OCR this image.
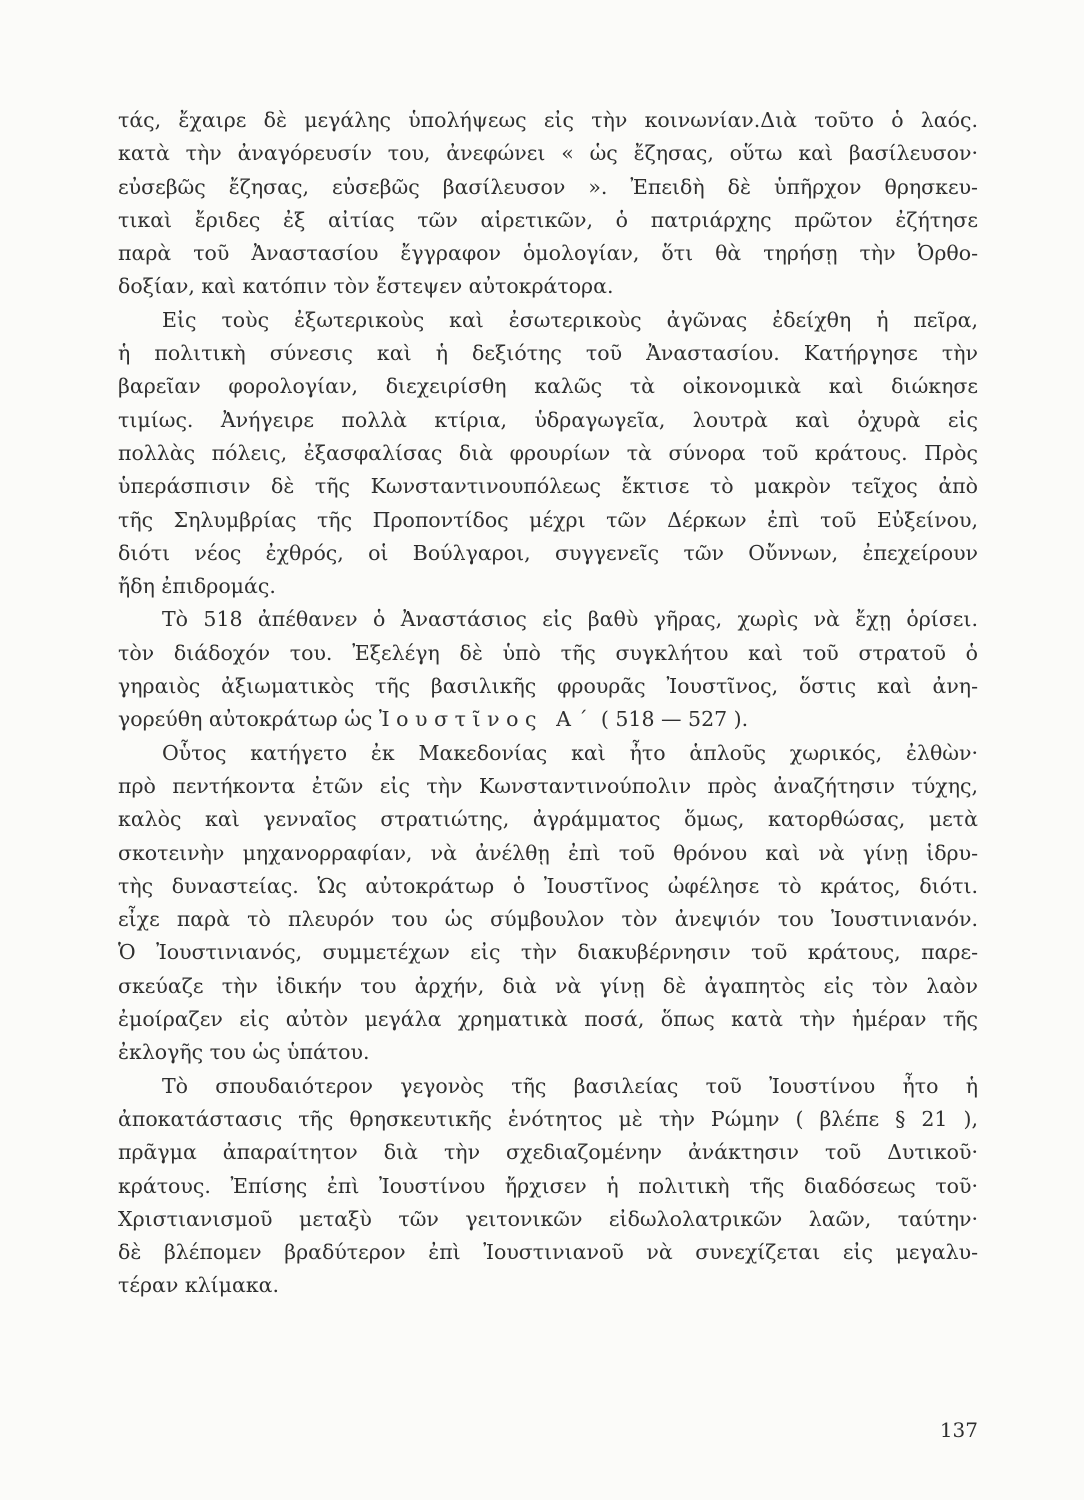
τάς, ἔχαιρε δὲ μεγάλης ὑπολήψεως εἰς τὴν κοινωνίαν.Διὰ τοῦτο ὁ λαός.
κατὰ τὴν ἀναγόρευσίν του, ἀνεφώνει « ὡς ἔζησας, οὕτω καὶ βασίλευσον·
εὐσεβῶς ἔζησας, εὐσεβῶς βασίλευσον ». Ἐπειδὴ δὲ ὑπῆρχον θρησκευ-
τικαὶ ἔριδες ἐξ αἰτίας τῶν αἱρετικῶν, ὁ πατριάρχης πρῶτον ἐζήτησε
παρὰ τοῦ Ἀναστασίου ἔγγραφον ὁμολογίαν, ὅτι θὰ τηρήσῃ τὴν Ὀρθο-
δοξίαν, καὶ κατόπιν τὸν ἔστεψεν αὐτοκράτορα.
Εἰς τοὺς ἐξωτερικοὺς καὶ ἐσωτερικοὺς ἀγῶνας ἐδείχθη ἡ πεῖρα,
ἡ πολιτικὴ σύνεσις καὶ ἡ δεξιότης τοῦ Ἀναστασίου. Κατήργησε τὴν
βαρεῖαν φορολογίαν, διεχειρίσθη καλῶς τὰ οἰκονομικὰ καὶ διώκησε
τιμίως. Ἀνήγειρε πολλὰ κτίρια, ὑδραγωγεῖα, λουτρὰ καὶ ὀχυρὰ εἰς
πολλὰς πόλεις, ἐξασφαλίσας διὰ φρουρίων τὰ σύνορα τοῦ κράτους. Πρὸς
ὑπεράσπισιν δὲ τῆς Κωνσταντινουπόλεως ἔκτισε τὸ μακρὸν τεῖχος ἀπὸ
τῆς Σηλυμβρίας τῆς Προποντίδος μέχρι τῶν Δέρκων ἐπὶ τοῦ Εὐξείνου,
διότι νέος ἐχθρός, οἱ Βούλγαροι, συγγενεῖς τῶν Οὔννων, ἐπεχείρουν
ἤδη ἐπιδρομάς.
Τὸ 518 ἀπέθανεν ὁ Ἀναστάσιος εἰς βαθὺ γῆρας, χωρὶς νὰ ἔχῃ ὁρίσει.
τὸν διάδοχόν του. Ἐξελέγη δὲ ὑπὸ τῆς συγκλήτου καὶ τοῦ στρατοῦ ὁ
γηραιὸς ἀξιωματικὸς τῆς βασιλικῆς φρουρᾶς Ἰουστῖνος, ὅστις καὶ ἀνη-
γορεύθη αὐτοκράτωρ ὡς Ἰουστῖνος Α΄ ( 518 — 527 ).
Οὗτος κατήγετο ἐκ Μακεδονίας καὶ ἦτο ἁπλοῦς χωρικός, ἐλθὼν·
πρὸ πεντήκοντα ἐτῶν εἰς τὴν Κωνσταντινούπολιν πρὸς ἀναζήτησιν τύχης,
καλὸς καὶ γενναῖος στρατιώτης, ἀγράμματος ὅμως, κατορθώσας, μετὰ
σκοτεινὴν μηχανορραφίαν, νὰ ἀνέλθῃ ἐπὶ τοῦ θρόνου καὶ νὰ γίνῃ ἱδρυ-
τὴς δυναστείας. Ὡς αὐτοκράτωρ ὁ Ἰουστῖνος ὠφέλησε τὸ κράτος, διότι.
εἶχε παρὰ τὸ πλευρόν του ὡς σύμβουλον τὸν ἀνεψιόν του Ἰουστινιανόν.
Ὁ Ἰουστινιανός, συμμετέχων εἰς τὴν διακυβέρνησιν τοῦ κράτους, παρε-
σκεύαζε τὴν ἰδικήν του ἀρχήν, διὰ νὰ γίνῃ δὲ ἀγαπητὸς εἰς τὸν λαὸν
ἐμοίραζεν εἰς αὐτὸν μεγάλα χρηματικὰ ποσά, ὅπως κατὰ τὴν ἡμέραν τῆς
ἐκλογῆς του ὡς ὑπάτου.
Τὸ σπουδαιότερον γεγονὸς τῆς βασιλείας τοῦ Ἰουστίνου ἦτο ἡ
ἀποκατάστασις τῆς θρησκευτικῆς ἑνότητος μὲ τὴν Ρώμην ( βλέπε § 21 ),
πρᾶγμα ἀπαραίτητον διὰ τὴν σχεδιαζομένην ἀνάκτησιν τοῦ Δυτικοῦ·
κράτους. Ἐπίσης ἐπὶ Ἰουστίνου ἤρχισεν ἡ πολιτικὴ τῆς διαδόσεως τοῦ·
Χριστιανισμοῦ μεταξὺ τῶν γειτονικῶν εἰδωλολατρικῶν λαῶν, ταύτην·
δὲ βλέπομεν βραδύτερον ἐπὶ Ἰουστινιανοῦ νὰ συνεχίζεται εἰς μεγαλυ-
τέραν κλίμακα.
137
